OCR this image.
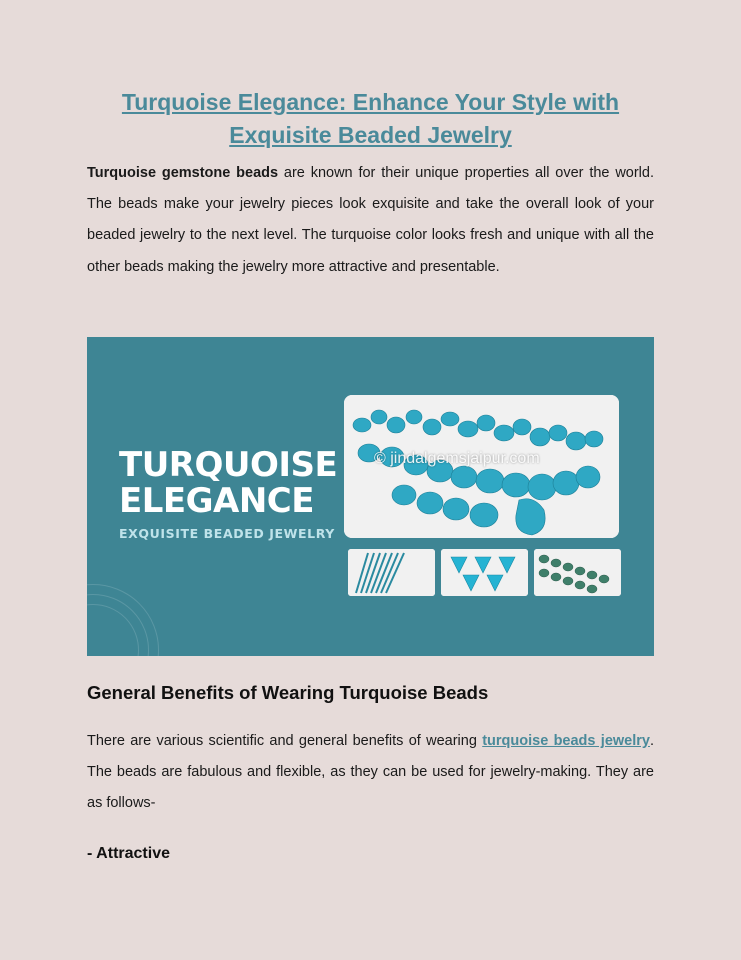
Turquoise Elegance: Enhance Your Style with
Exquisite Beaded Jewelry

Turquoise gemstone beads are known for their unique properties all over the world. The beads make your jewelry pieces look exquisite and take the overall look of your beaded jewelry to the next level. The turquoise color looks fresh and unique with all the other beads making the jewelry more attractive and presentable.

TURQUOISE
ELEGANCE
EXQUISITE BEADED JEWELRY
© jindalgemsjaipur.com
General Benefits of Wearing Turquoise Beads

There are various scientific and general benefits of wearing turquoise beads jewelry. The beads are fabulous and flexible, as they can be used for jewelry-making. They are as follows-

- Attractive
